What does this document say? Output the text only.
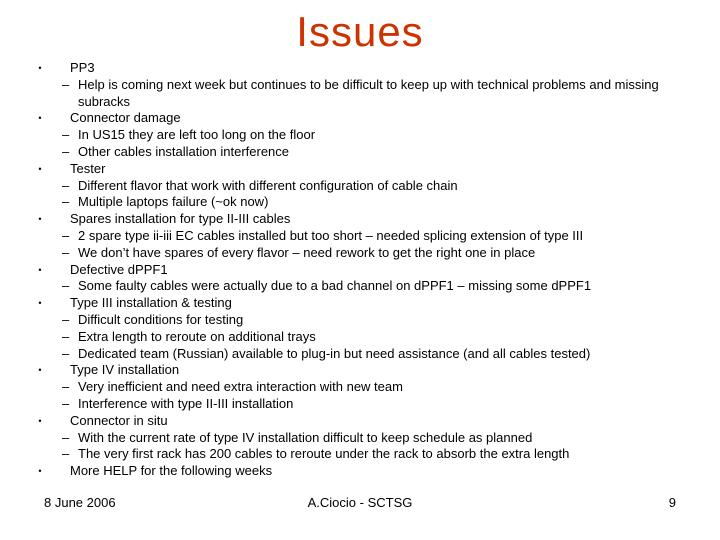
Issues
•	PP3
– Help is coming next week but continues to be difficult to keep up with technical problems and missing subracks
•	Connector damage
– In US15 they are left too long on the floor
– Other cables installation interference
•	Tester
– Different flavor that work with different configuration of cable chain
– Multiple laptops failure (~ok now)
•	Spares installation for type II-III cables
– 2 spare type ii-iii EC cables installed but too short – needed splicing extension of type III
– We don’t have spares of every flavor – need rework to get the right one in place
•	Defective dPPF1
– Some faulty cables were actually due to a bad channel on dPPF1 – missing some dPPF1
•	Type III installation & testing
– Difficult conditions for testing
– Extra length to reroute on additional trays
– Dedicated team (Russian) available to plug-in but need assistance (and all cables tested)
•	Type IV installation
– Very inefficient and need extra interaction with new team
– Interference with type II-III installation
•	Connector in situ
– With the current rate of type IV installation difficult to keep schedule as planned
– The very first rack has 200 cables to reroute under the rack to absorb the extra length
•	More HELP for the following weeks
8 June 2006	A.Ciocio - SCTSG	9
